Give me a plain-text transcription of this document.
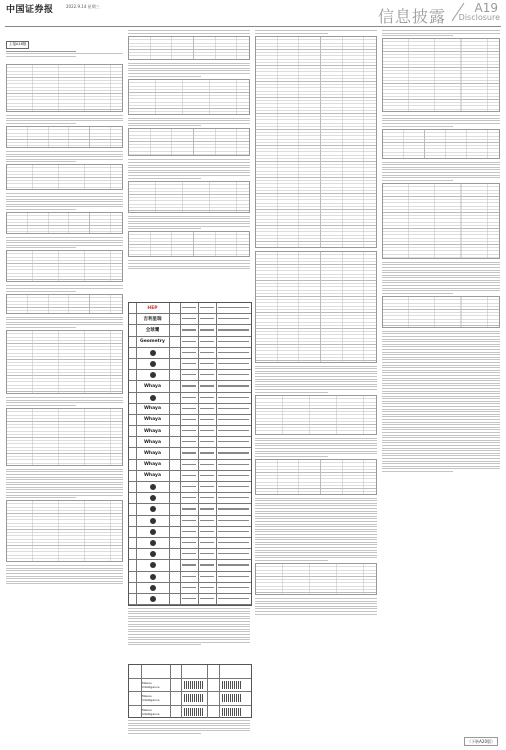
中国证券报	2022.9.14 星期三
信息披露 A19
Disclosure
上接A18版
HEP
吉利星瑞
全球鹰
Geometry
Whaya
Whaya
Whaya
Whaya
Whaya
Whaya
Whaya
Whaya
Maxus Intelligence
Maxus Intelligence
Maxus Intelligence
（下转A20版）
